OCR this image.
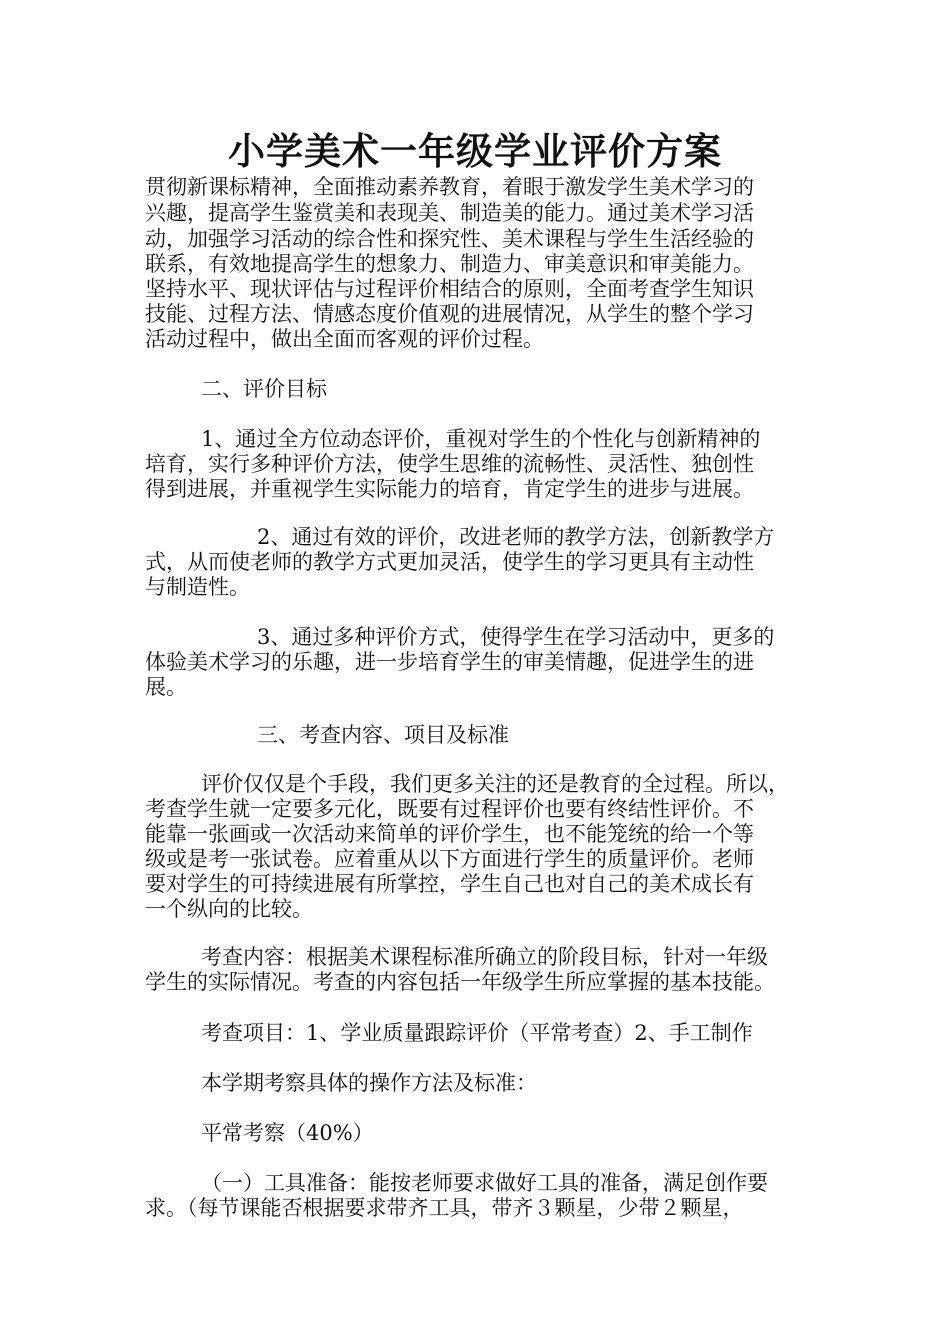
小学美术一年级学业评价方案
贯彻新课标精神，全面推动素养教育，着眼于激发学生美术学习的
兴趣，提高学生鉴赏美和表现美、制造美的能力。通过美术学习活
动，加强学习活动的综合性和探究性、美术课程与学生生活经验的
联系，有效地提高学生的想象力、制造力、审美意识和审美能力。
坚持水平、现状评估与过程评价相结合的原则，全面考查学生知识
技能、过程方法、情感态度价值观的进展情况，从学生的整个学习
活动过程中，做出全面而客观的评价过程。
二、评价目标
1、通过全方位动态评价，重视对学生的个性化与创新精神的
培育，实行多种评价方法，使学生思维的流畅性、灵活性、独创性
得到进展，并重视学生实际能力的培育，肯定学生的进步与进展。
2、通过有效的评价，改进老师的教学方法，创新教学方
式，从而使老师的教学方式更加灵活，使学生的学习更具有主动性
与制造性。
3、通过多种评价方式，使得学生在学习活动中，更多的
体验美术学习的乐趣，进一步培育学生的审美情趣，促进学生的进
展。
三、考查内容、项目及标准
评价仅仅是个手段，我们更多关注的还是教育的全过程。所以，
考查学生就一定要多元化，既要有过程评价也要有终结性评价。不
能靠一张画或一次活动来简单的评价学生，也不能笼统的给一个等
级或是考一张试卷。应着重从以下方面进行学生的质量评价。老师
要对学生的可持续进展有所掌控，学生自己也对自己的美术成长有
一个纵向的比较。
考查内容：根据美术课程标准所确立的阶段目标，针对一年级
学生的实际情况。考查的内容包括一年级学生所应掌握的基本技能。
考查项目：1、学业质量跟踪评价（平常考查）2、手工制作
本学期考察具体的操作方法及标准：
平常考察（40%）
（一）工具准备：能按老师要求做好工具的准备，满足创作要
求。（每节课能否根据要求带齐工具，带齐３颗星，少带２颗星，
